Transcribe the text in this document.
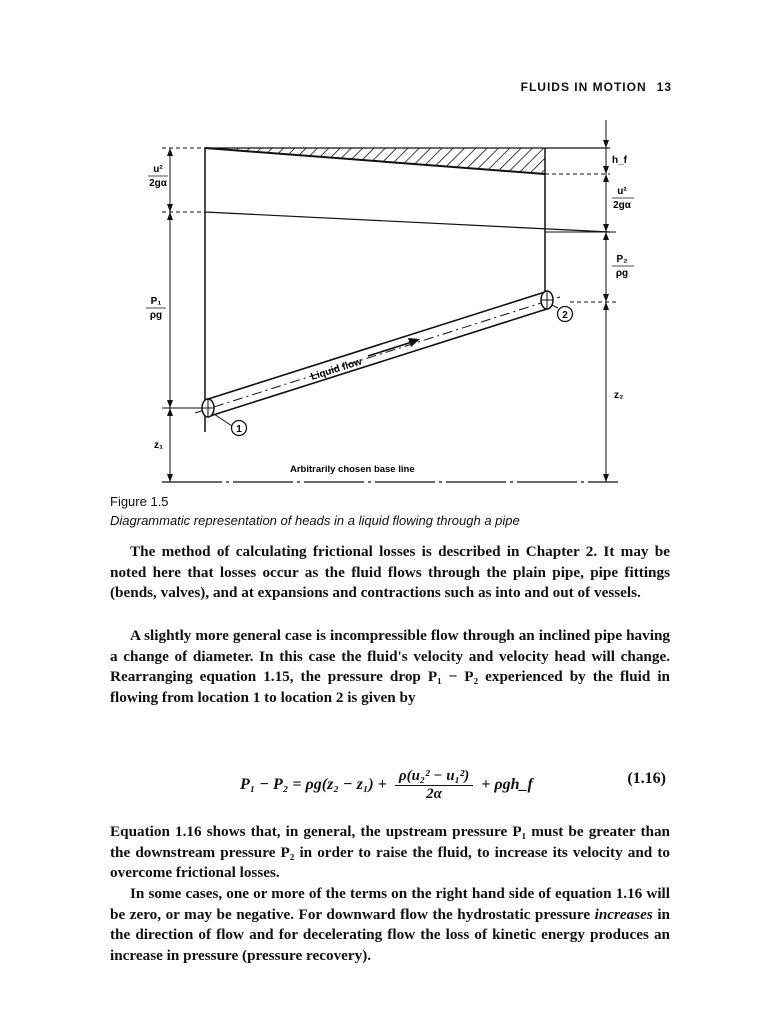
FLUIDS IN MOTION 13
u²
2gα
P₁
ρg
z₁
h_f
u²
2gα
P₂
ρg
z₂
Liquid flow
1
2
Arbitrarily chosen base line
Figure 1.5
Diagrammatic representation of heads in a liquid flowing through a pipe

The method of calculating frictional losses is described in Chapter 2. It may be noted here that losses occur as the fluid flows through the plain pipe, pipe fittings (bends, valves), and at expansions and contractions such as into and out of vessels.

A slightly more general case is incompressible flow through an inclined pipe having a change of diameter. In this case the fluid's velocity and velocity head will change. Rearranging equation 1.15, the pressure drop P₁ − P₂ experienced by the fluid in flowing from location 1 to location 2 is given by

$P_1 - P_2 = \rho g(z_2 - z_1) + \frac{\text{ρ(u₂² − u₁²)}}{2\alpha}$ + ρgh_f	(1.16)

Equation 1.16 shows that, in general, the upstream pressure P₁ must be greater than the downstream pressure P₂ in order to raise the fluid, to increase its velocity and to overcome frictional losses.

In some cases, one or more of the terms on the right hand side of equation 1.16 will be zero, or may be negative. For downward flow the hydrostatic pressure increases in the direction of flow and for decelerating flow the loss of kinetic energy produces an increase in pressure (pressure recovery).
